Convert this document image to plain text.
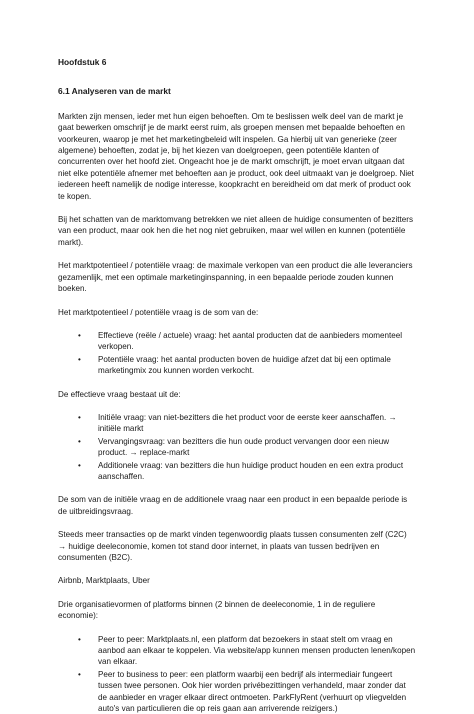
Hoofdstuk 6
6.1 Analyseren van de markt

Markten zijn mensen, ieder met hun eigen behoeften. Om te beslissen welk deel van de markt je gaat bewerken omschrijf je de markt eerst ruim, als groepen mensen met bepaalde behoeften en voorkeuren, waarop je met het marketingbeleid wilt inspelen. Ga hierbij uit van generieke (zeer algemene) behoeften, zodat je, bij het kiezen van doelgroepen, geen potentiële klanten of concurrenten over het hoofd ziet. Ongeacht hoe je de markt omschrijft, je moet ervan uitgaan dat niet elke potentiële afnemer met behoeften aan je product, ook deel uitmaakt van je doelgroep. Niet iedereen heeft namelijk de nodige interesse, koopkracht en bereidheid om dat merk of product ook te kopen.

Bij het schatten van de marktomvang betrekken we niet alleen de huidige consumenten of bezitters van een product, maar ook hen die het nog niet gebruiken, maar wel willen en kunnen (potentiële markt).

Het marktpotentieel / potentiële vraag: de maximale verkopen van een product die alle leveranciers gezamenlijk, met een optimale marketinginspanning, in een bepaalde periode zouden kunnen boeken.

Het marktpotentieel / potentiële vraag is de som van de:

• Effectieve (reële / actuele) vraag: het aantal producten dat de aanbieders momenteel verkopen.
• Potentiële vraag: het aantal producten boven de huidige afzet dat bij een optimale marketingmix zou kunnen worden verkocht.

De effectieve vraag bestaat uit de:

• Initiële vraag: van niet-bezitters die het product voor de eerste keer aanschaffen. → initiële markt
• Vervangingsvraag: van bezitters die hun oude product vervangen door een nieuw product. → replace-markt
• Additionele vraag: van bezitters die hun huidige product houden en een extra product aanschaffen.

De som van de initiële vraag en de additionele vraag naar een product in een bepaalde periode is de uitbreidingsvraag.

Steeds meer transacties op de markt vinden tegenwoordig plaats tussen consumenten zelf (C2C) → huidige deeleconomie, komen tot stand door internet, in plaats van tussen bedrijven en consumenten (B2C).

Airbnb, Marktplaats, Uber

Drie organisatievormen of platforms binnen (2 binnen de deeleconomie, 1 in de reguliere economie):

• Peer to peer: Marktplaats.nl, een platform dat bezoekers in staat stelt om vraag en aanbod aan elkaar te koppelen. Via website/app kunnen mensen producten lenen/kopen van elkaar.
• Peer to business to peer: een platform waarbij een bedrijf als intermediair fungeert tussen twee personen. Ook hier worden privébezittingen verhandeld, maar zonder dat de aanbieder en vrager elkaar direct ontmoeten. ParkFlyRent (verhuurt op vliegvelden auto's van particulieren die op reis gaan aan arriverende reizigers.)
